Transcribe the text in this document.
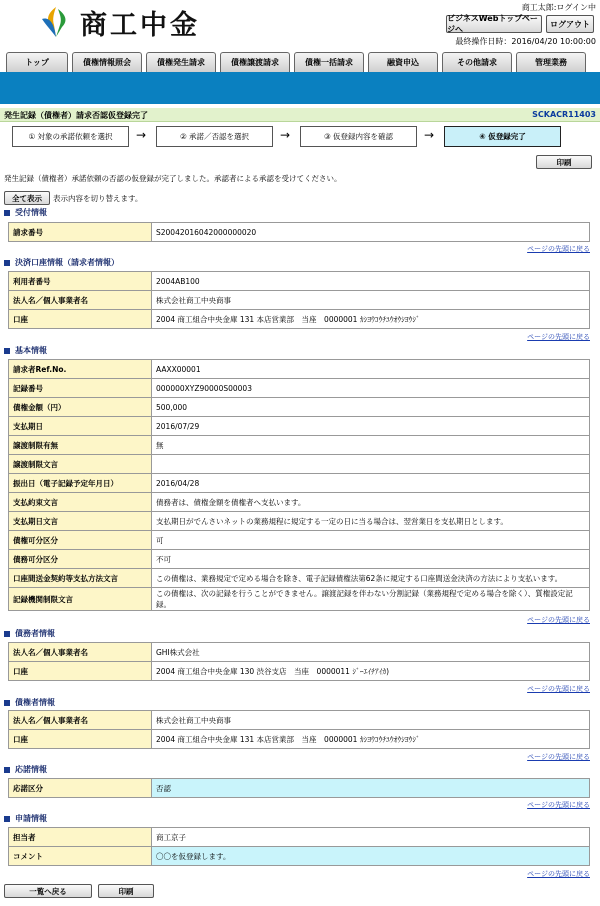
商工中金
商工太郎:ログイン中
ビジネスWebトップページへ
ログアウト
最終操作日時：2016/04/20 10:00:00
トップ	債権情報照会	債権発生請求	債権譲渡請求	債権一括請求	融資申込	その他請求	管理業務
発生記録（債権者）請求否認仮登録完了	SCKACR11403
① 対象の承諾依頼を選択	→	② 承諾／否認を選択	→	③ 仮登録内容を確認	→	④ 仮登録完了
印刷
発生記録（債権者）承諾依頼の否認の仮登録が完了しました。承認者による承認を受けてください。
全て表示	表示内容を切り替えます。
受付情報
請求番号	S20042016042000000020
ページの先頭に戻る
決済口座情報（請求者情報）
利用者番号	2004AB100
法人名／個人事業者名	株式会社商工中央商事
口座	2004 商工組合中央金庫 131 本店営業部　当座　0000001 ｶｼﾖｳｺｳﾁﾕｳｵｳｼﾖｳｼﾞ
ページの先頭に戻る
基本情報
請求者Ref.No.	AAXX00001
記録番号	000000XYZ90000S00003
債権金額（円）	500,000
支払期日	2016/07/29
譲渡制限有無	無
譲渡制限文言	
振出日（電子記録予定年月日）	2016/04/28
支払約束文言	債務者は、債権金額を債権者へ支払います。
支払期日文言	支払期日がでんさいネットの業務規程に規定する一定の日に当る場合は、翌営業日を支払期日とします。
債権可分区分	可
債務可分区分	不可
口座間送金契約等支払方法文言	この債権は、業務規定で定める場合を除き、電子記録債権法第62条に規定する口座間送金決済の方法により支払います。
記録機関制限文言	この債権は、次の記録を行うことができません。譲渡記録を伴わない分割記録（業務規程で定める場合を除く）、質権設定記録。
ページの先頭に戻る
債務者情報
法人名／個人事業者名	GHI株式会社
口座	2004 商工組合中央金庫 130 渋谷支店　当座　0000011 ｼﾞｰｴｲﾁｱｲｶ)
ページの先頭に戻る
債権者情報
法人名／個人事業者名	株式会社商工中央商事
口座	2004 商工組合中央金庫 131 本店営業部　当座　0000001 ｶｼﾖｳｺｳﾁﾕｳｵｳｼﾖｳｼﾞ
ページの先頭に戻る
応諾情報
応諾区分	否認
ページの先頭に戻る
申請情報
担当者	商工京子
コメント	〇〇を仮登録します。
ページの先頭に戻る
一覧へ戻る	印刷
